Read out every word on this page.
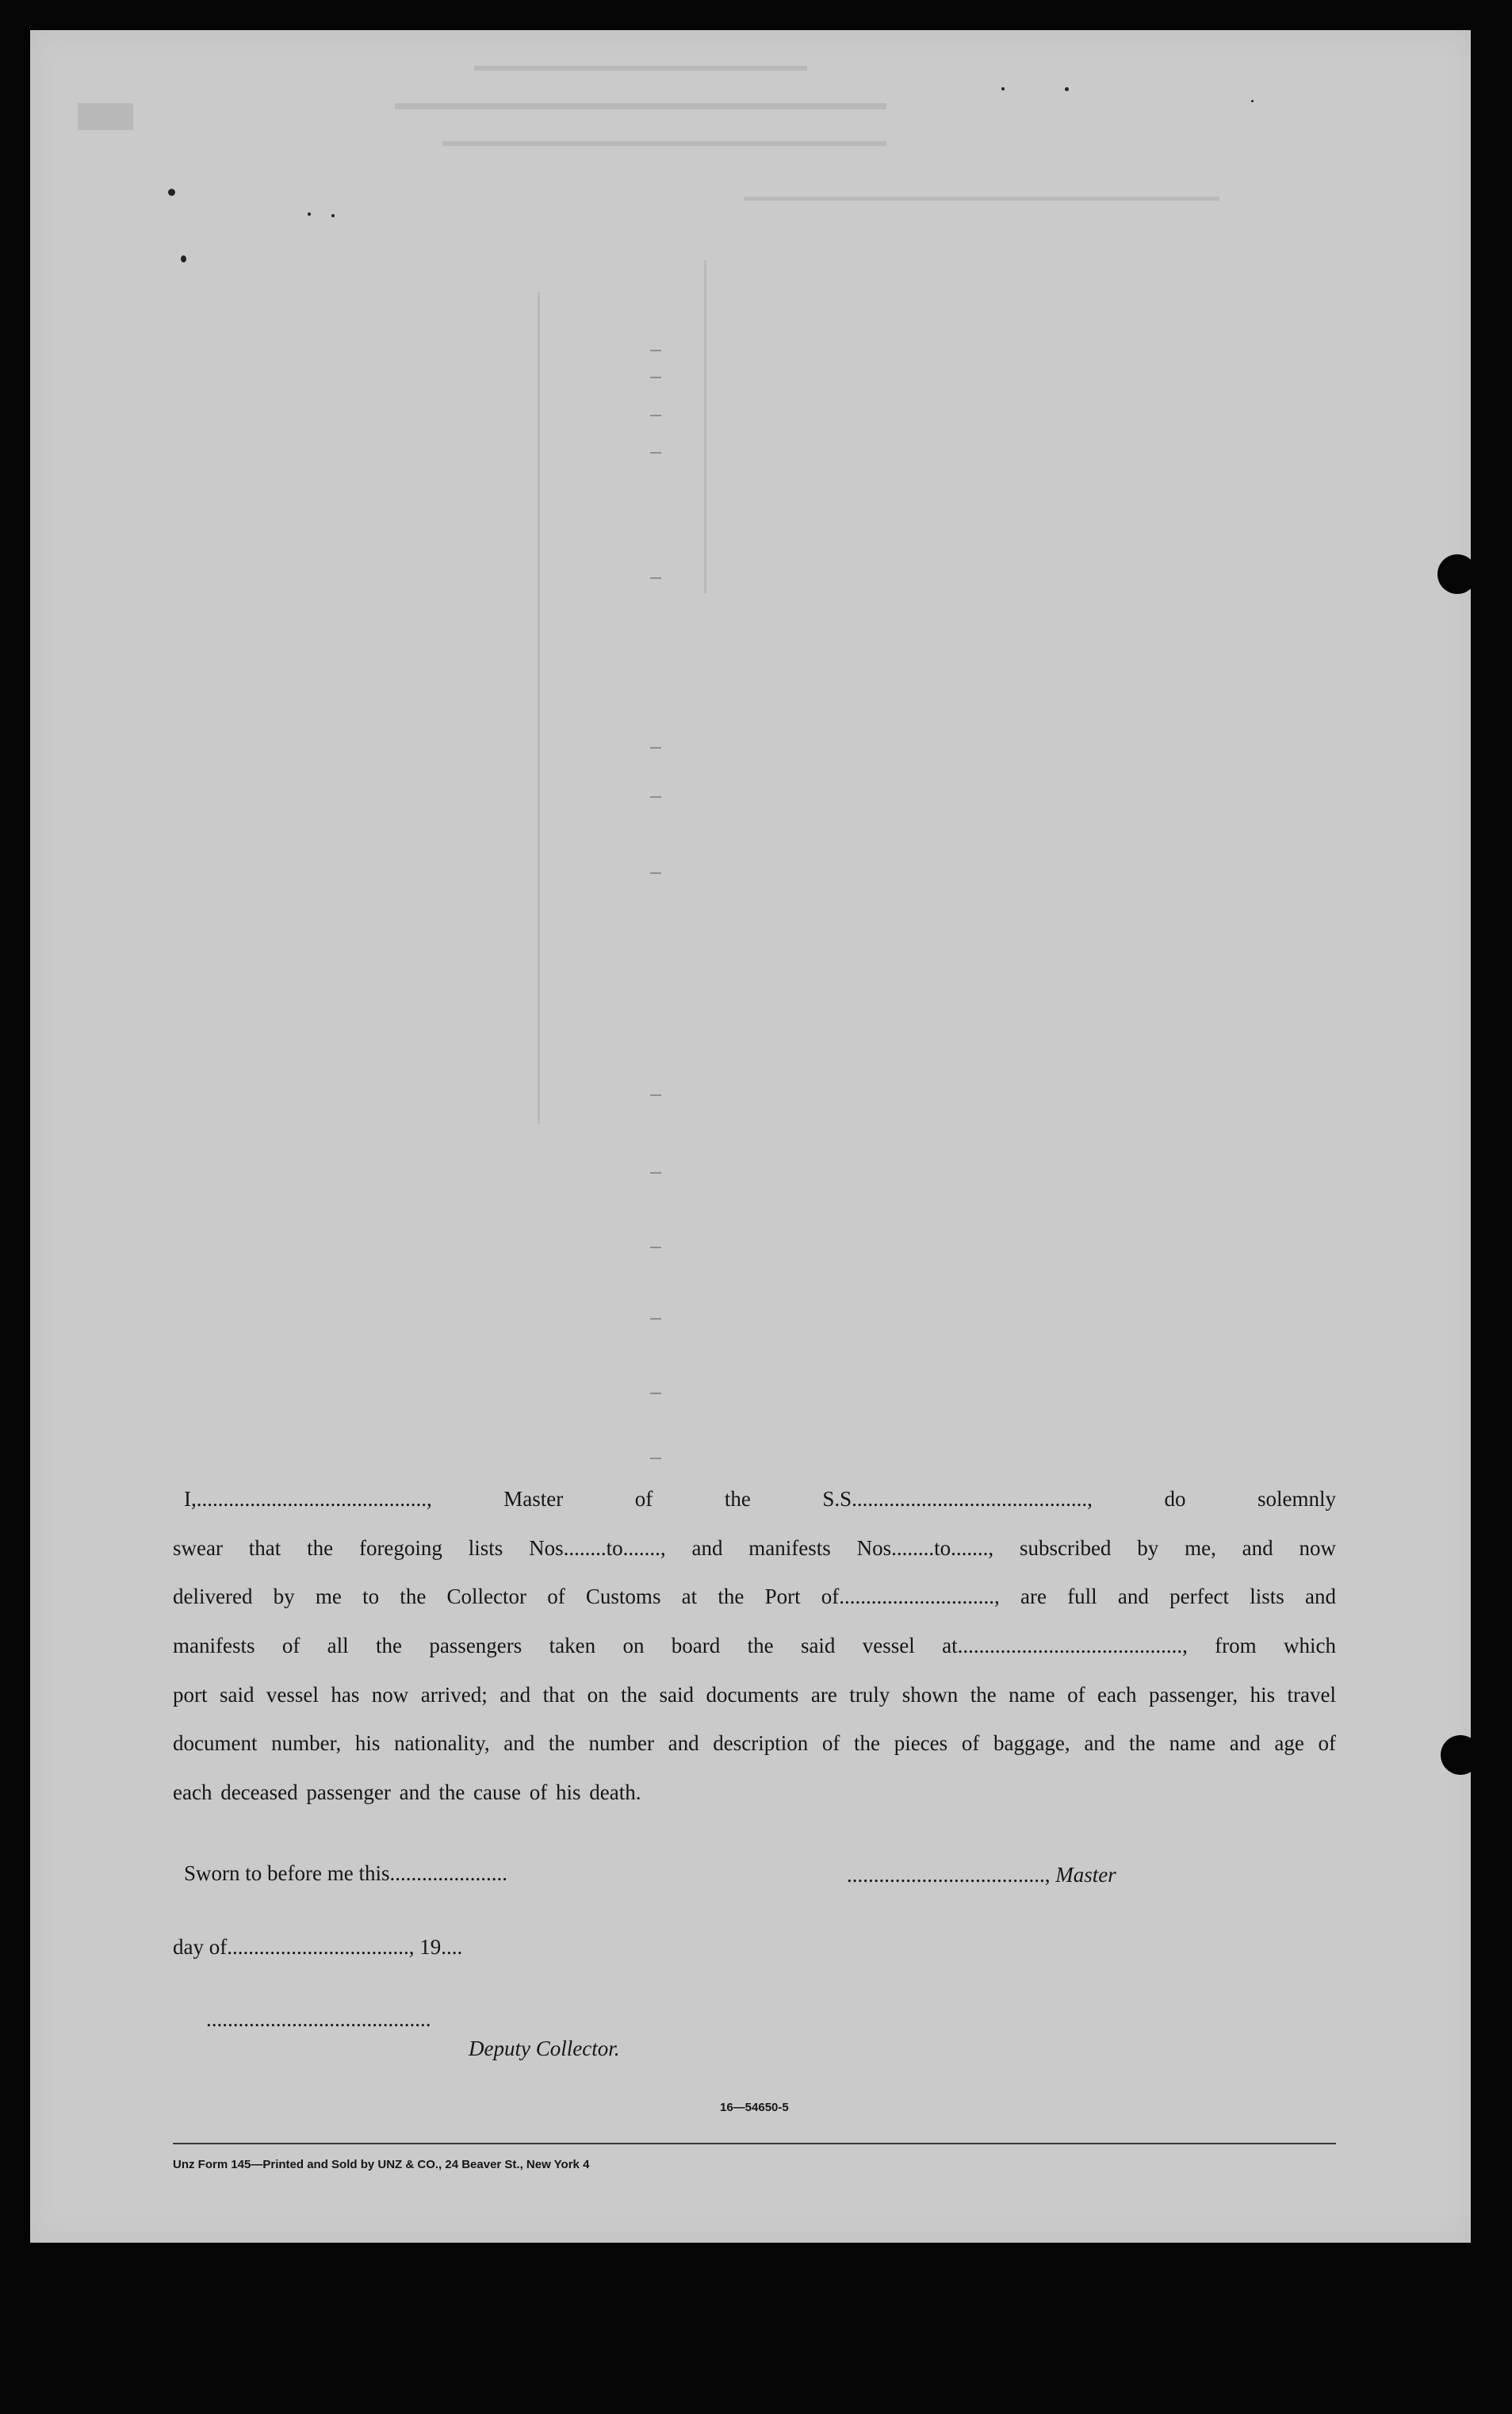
I,..........................................., Master of the S.S............................................, do solemnly
swear that the foregoing lists Nos........to......., and manifests Nos........to......., subscribed by me, and now
delivered by me to the Collector of Customs at the Port of............................., are full and perfect lists and
manifests of all the passengers taken on board the said vessel at.........................................., from which
port said vessel has now arrived; and that on the said documents are truly shown the name of each passenger, his travel
document number, his nationality, and the number and description of the pieces of baggage, and the name and age of
each deceased passenger and the cause of his death.
Sworn to before me this......................	....................................., Master
day of.................................., 19....
..........................................
Deputy Collector.
16—54650-5
Unz Form 145—Printed and Sold by UNZ & CO., 24 Beaver St., New York 4
